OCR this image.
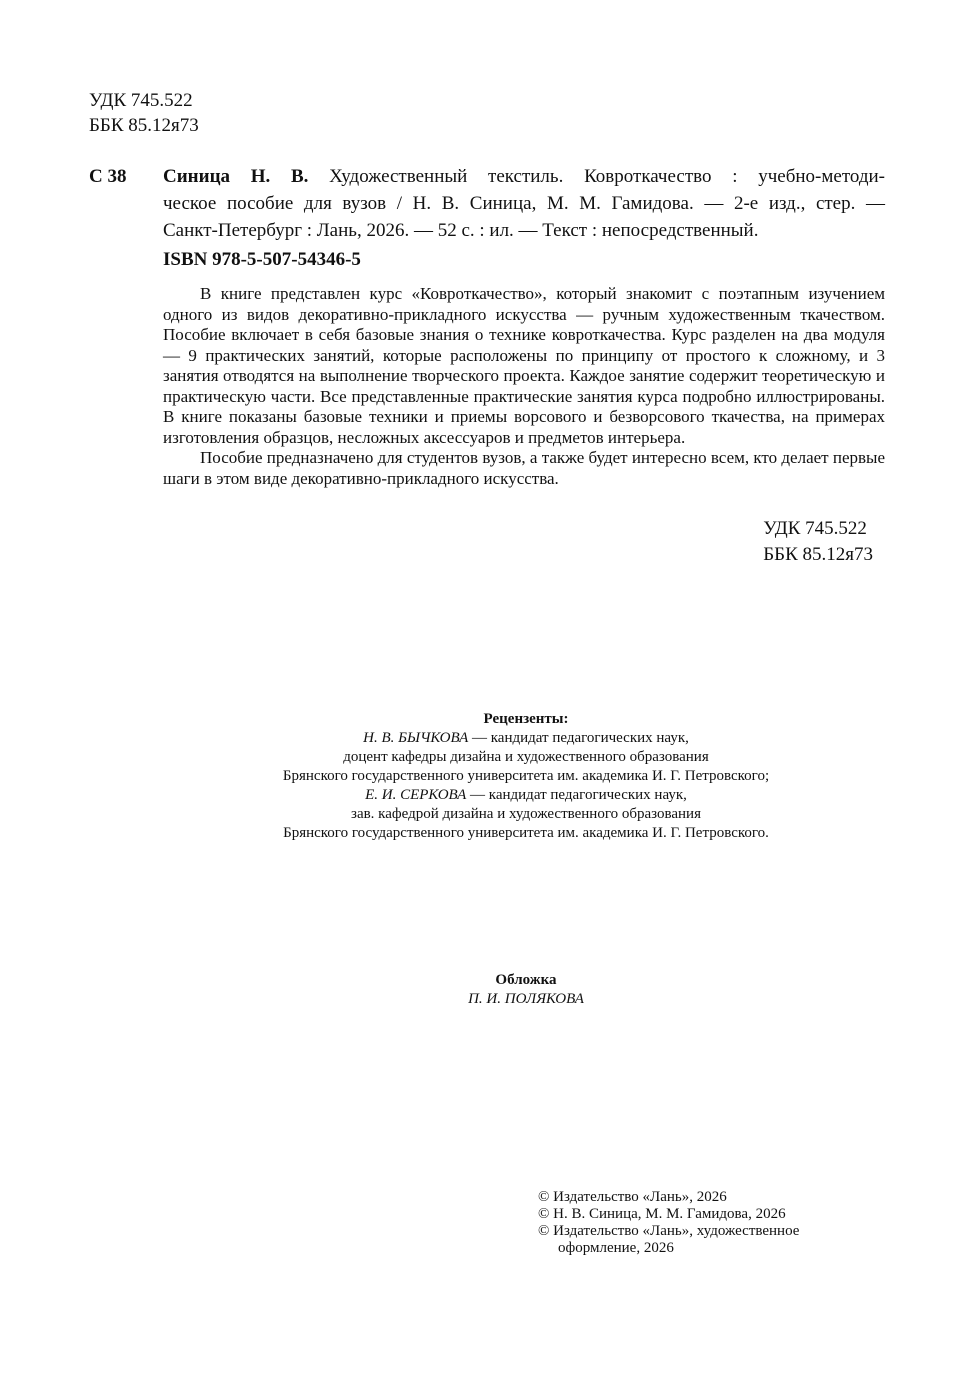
УДК 745.522
ББК 85.12я73
С 38 Синица Н. В. Художественный текстиль. Ковроткачество : учебно-методи-
ческое пособие для вузов / Н. В. Синица, М. М. Гамидова. — 2-е изд., стер. —
Санкт-Петербург : Лань, 2026. — 52 с. : ил. — Текст : непосредственный.
ISBN 978-5-507-54346-5

В книге представлен курс «Ковроткачество», который знакомит с поэтапным изучением одного из видов декоративно-прикладного искусства — ручным художественным ткачеством. Пособие включает в себя базовые знания о технике ковроткачества. Курс разделен на два модуля — 9 практических занятий, которые расположены по принципу от простого к сложному, и 3 занятия отводятся на выполнение творческого проекта. Каждое занятие содержит теоретическую и практическую части. Все представленные практические занятия курса подробно иллюстрированы. В книге показаны базовые техники и приемы ворсового и безворсового ткачества, на примерах изготовления образцов, несложных аксессуаров и предметов интерьера.

Пособие предназначено для студентов вузов, а также будет интересно всем, кто делает первые шаги в этом виде декоративно-прикладного искусства.

УДК 745.522
ББК 85.12я73
Рецензенты:
Н. В. БЫЧКОВА — кандидат педагогических наук,
доцент кафедры дизайна и художественного образования
Брянского государственного университета им. академика И. Г. Петровского;
Е. И. СЕРКОВА — кандидат педагогических наук,
зав. кафедрой дизайна и художественного образования
Брянского государственного университета им. академика И. Г. Петровского.
Обложка
П. И. ПОЛЯКОВА
© Издательство «Лань», 2026
© Н. В. Синица, М. М. Гамидова, 2026
© Издательство «Лань», художественное
оформление, 2026
